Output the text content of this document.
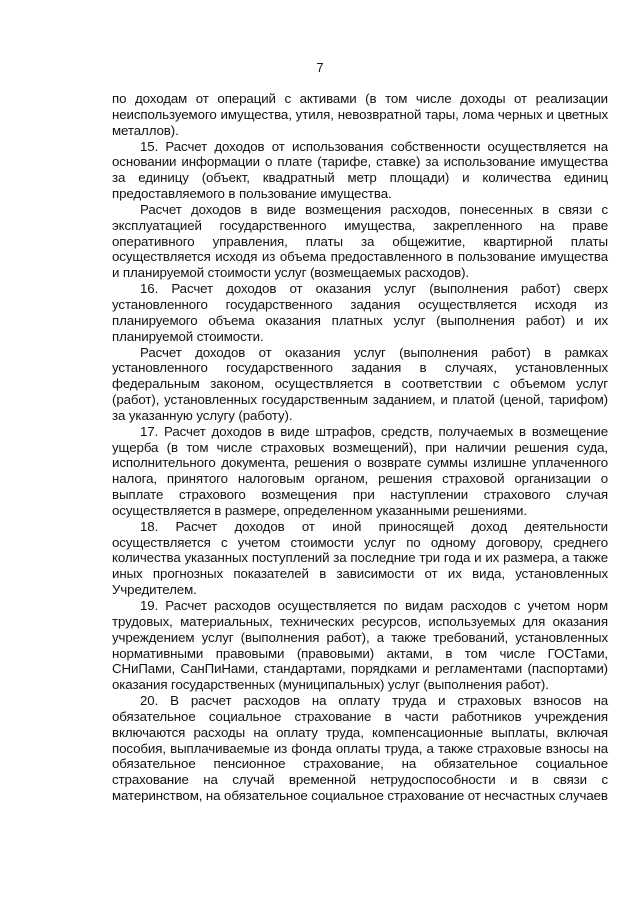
7

по доходам от операций с активами (в том числе доходы от реализации неиспользуемого имущества, утиля, невозвратной тары, лома черных и цветных металлов).

15. Расчет доходов от использования собственности осуществляется на основании информации о плате (тарифе, ставке) за использование имущества за единицу (объект, квадратный метр площади) и количества единиц предоставляемого в пользование имущества.

Расчет доходов в виде возмещения расходов, понесенных в связи с эксплуатацией государственного имущества, закрепленного на праве оперативного управления, платы за общежитие, квартирной платы осуществляется исходя из объема предоставленного в пользование имущества и планируемой стоимости услуг (возмещаемых расходов).

16. Расчет доходов от оказания услуг (выполнения работ) сверх установленного государственного задания осуществляется исходя из планируемого объема оказания платных услуг (выполнения работ) и их планируемой стоимости.

Расчет доходов от оказания услуг (выполнения работ) в рамках установленного государственного задания в случаях, установленных федеральным законом, осуществляется в соответствии с объемом услуг (работ), установленных государственным заданием, и платой (ценой, тарифом) за указанную услугу (работу).

17. Расчет доходов в виде штрафов, средств, получаемых в возмещение ущерба (в том числе страховых возмещений), при наличии решения суда, исполнительного документа, решения о возврате суммы излишне уплаченного налога, принятого налоговым органом, решения страховой организации о выплате страхового возмещения при наступлении страхового случая осуществляется в размере, определенном указанными решениями.

18. Расчет доходов от иной приносящей доход деятельности осуществляется с учетом стоимости услуг по одному договору, среднего количества указанных поступлений за последние три года и их размера, а также иных прогнозных показателей в зависимости от их вида, установленных Учредителем.

19. Расчет расходов осуществляется по видам расходов с учетом норм трудовых, материальных, технических ресурсов, используемых для оказания учреждением услуг (выполнения работ), а также требований, установленных нормативными правовыми (правовыми) актами, в том числе ГОСТами, СНиПами, СанПиНами, стандартами, порядками и регламентами (паспортами) оказания государственных (муниципальных) услуг (выполнения работ).

20. В расчет расходов на оплату труда и страховых взносов на обязательное социальное страхование в части работников учреждения включаются расходы на оплату труда, компенсационные выплаты, включая пособия, выплачиваемые из фонда оплаты труда, а также страховые взносы на обязательное пенсионное страхование, на обязательное социальное страхование на случай временной нетрудоспособности и в связи с материнством, на обязательное социальное страхование от несчастных случаев
